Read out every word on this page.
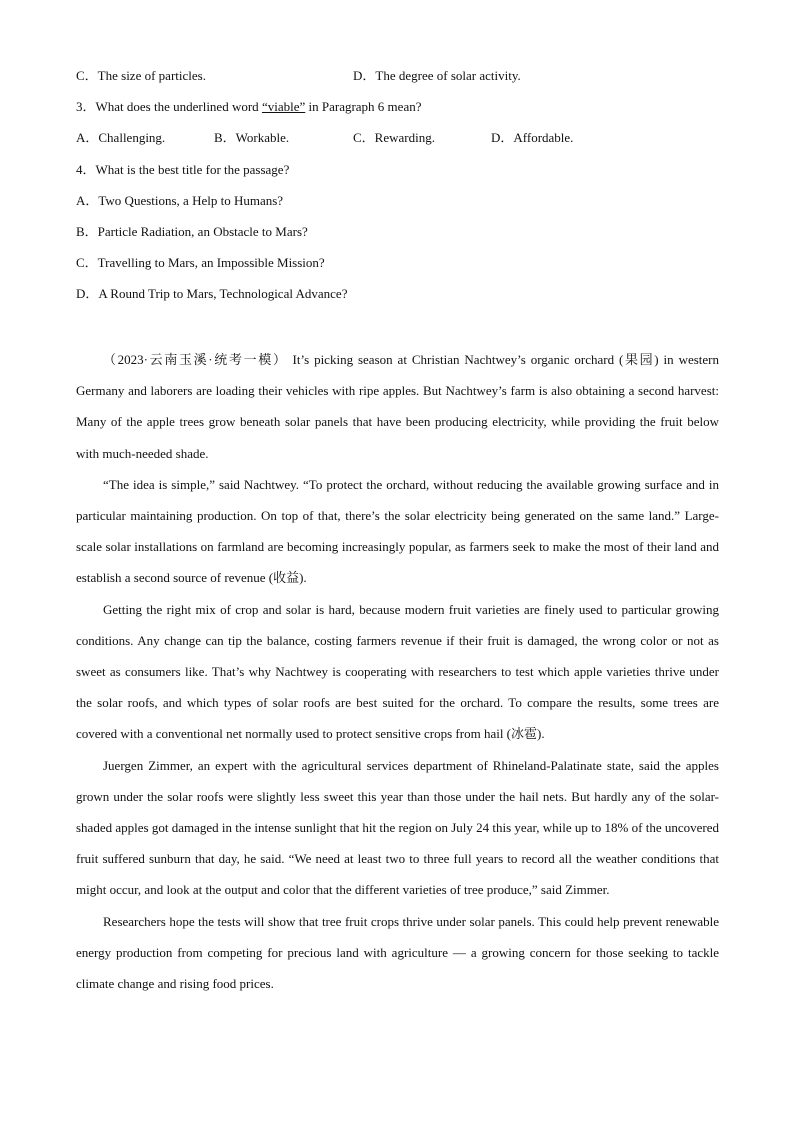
C．The size of particles.	D．The degree of solar activity.
3．What does the underlined word “viable” in Paragraph 6 mean?
A．Challenging.	B．Workable.	C．Rewarding.	D．Affordable.
4．What is the best title for the passage?
A．Two Questions, a Help to Humans?
B．Particle Radiation, an Obstacle to Mars?
C．Travelling to Mars, an Impossible Mission?
D．A Round Trip to Mars, Technological Advance?

（2023·云南玉溪·统考一模） It’s picking season at Christian Nachtwey’s organic orchard (果园) in western Germany and laborers are loading their vehicles with ripe apples. But Nachtwey’s farm is also obtaining a second harvest: Many of the apple trees grow beneath solar panels that have been producing electricity, while providing the fruit below with much-needed shade.

“The idea is simple,” said Nachtwey. “To protect the orchard, without reducing the available growing surface and in particular maintaining production. On top of that, there’s the solar electricity being generated on the same land.” Large-scale solar installations on farmland are becoming increasingly popular, as farmers seek to make the most of their land and establish a second source of revenue (收益).

Getting the right mix of crop and solar is hard, because modern fruit varieties are finely used to particular growing conditions. Any change can tip the balance, costing farmers revenue if their fruit is damaged, the wrong color or not as sweet as consumers like. That’s why Nachtwey is cooperating with researchers to test which apple varieties thrive under the solar roofs, and which types of solar roofs are best suited for the orchard. To compare the results, some trees are covered with a conventional net normally used to protect sensitive crops from hail (冰雹).

Juergen Zimmer, an expert with the agricultural services department of Rhineland-Palatinate state, said the apples grown under the solar roofs were slightly less sweet this year than those under the hail nets. But hardly any of the solar-shaded apples got damaged in the intense sunlight that hit the region on July 24 this year, while up to 18% of the uncovered fruit suffered sunburn that day, he said. “We need at least two to three full years to record all the weather conditions that might occur, and look at the output and color that the different varieties of tree produce,” said Zimmer.

Researchers hope the tests will show that tree fruit crops thrive under solar panels. This could help prevent renewable energy production from competing for precious land with agriculture — a growing concern for those seeking to tackle climate change and rising food prices.
